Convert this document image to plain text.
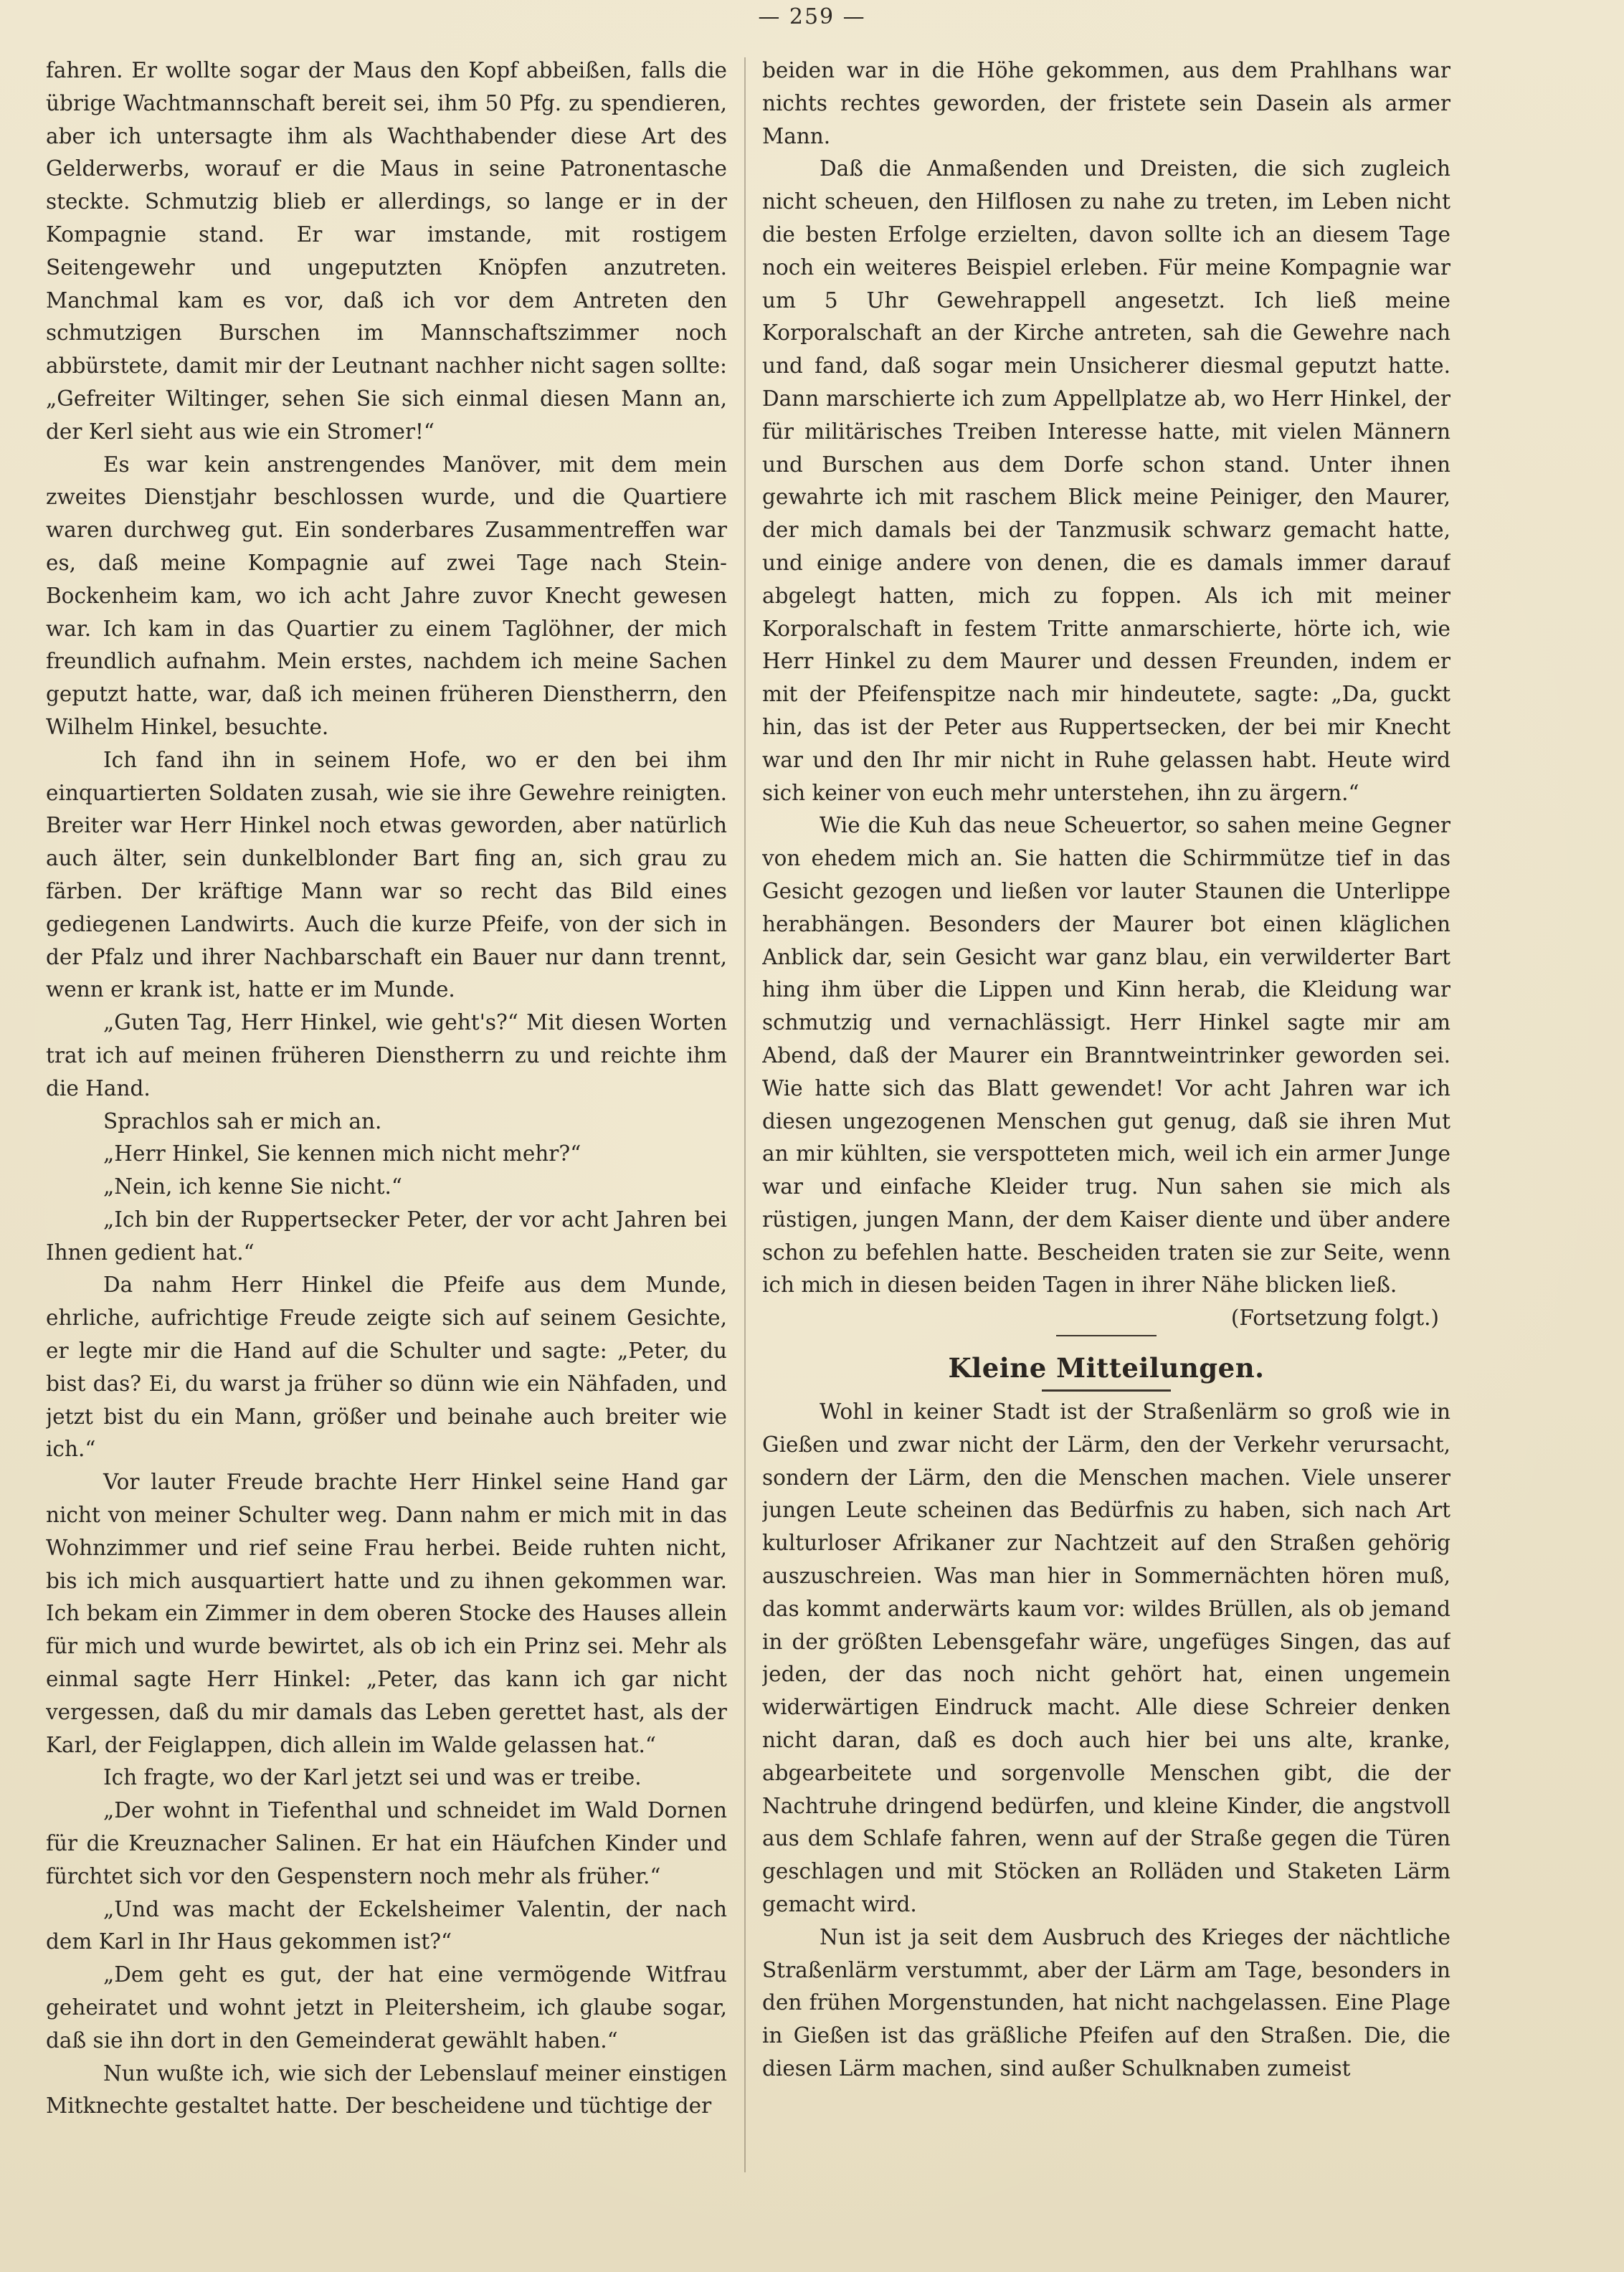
— 259 —

fahren. Er wollte sogar der Maus den Kopf abbeißen, falls die übrige Wachtmannschaft bereit sei, ihm 50 Pfg. zu spendieren, aber ich untersagte ihm als Wachthabender diese Art des Gelderwerbs, worauf er die Maus in seine Patronentasche steckte. Schmutzig blieb er allerdings, so lange er in der Kompagnie stand. Er war imstande, mit rostigem Seitengewehr und ungeputzten Knöpfen anzutreten. Manchmal kam es vor, daß ich vor dem Antreten den schmutzigen Burschen im Mannschaftszimmer noch abbürstete, damit mir der Leutnant nachher nicht sagen sollte: „Gefreiter Wiltinger, sehen Sie sich einmal diesen Mann an, der Kerl sieht aus wie ein Stromer!“

Es war kein anstrengendes Manöver, mit dem mein zweites Dienstjahr beschlossen wurde, und die Quartiere waren durchweg gut. Ein sonderbares Zusammentreffen war es, daß meine Kompagnie auf zwei Tage nach Stein-Bockenheim kam, wo ich acht Jahre zuvor Knecht gewesen war. Ich kam in das Quartier zu einem Taglöhner, der mich freundlich aufnahm. Mein erstes, nachdem ich meine Sachen geputzt hatte, war, daß ich meinen früheren Dienstherrn, den Wilhelm Hinkel, besuchte.

Ich fand ihn in seinem Hofe, wo er den bei ihm einquartierten Soldaten zusah, wie sie ihre Gewehre reinigten. Breiter war Herr Hinkel noch etwas geworden, aber natürlich auch älter, sein dunkelblonder Bart fing an, sich grau zu färben. Der kräftige Mann war so recht das Bild eines gediegenen Landwirts. Auch die kurze Pfeife, von der sich in der Pfalz und ihrer Nachbarschaft ein Bauer nur dann trennt, wenn er krank ist, hatte er im Munde.

„Guten Tag, Herr Hinkel, wie geht's?“ Mit diesen Worten trat ich auf meinen früheren Dienstherrn zu und reichte ihm die Hand.

Sprachlos sah er mich an.

„Herr Hinkel, Sie kennen mich nicht mehr?“

„Nein, ich kenne Sie nicht.“

„Ich bin der Ruppertsecker Peter, der vor acht Jahren bei Ihnen gedient hat.“

Da nahm Herr Hinkel die Pfeife aus dem Munde, ehrliche, aufrichtige Freude zeigte sich auf seinem Gesichte, er legte mir die Hand auf die Schulter und sagte: „Peter, du bist das? Ei, du warst ja früher so dünn wie ein Nähfaden, und jetzt bist du ein Mann, größer und beinahe auch breiter wie ich.“

Vor lauter Freude brachte Herr Hinkel seine Hand gar nicht von meiner Schulter weg. Dann nahm er mich mit in das Wohnzimmer und rief seine Frau herbei. Beide ruhten nicht, bis ich mich ausquartiert hatte und zu ihnen gekommen war. Ich bekam ein Zimmer in dem oberen Stocke des Hauses allein für mich und wurde bewirtet, als ob ich ein Prinz sei. Mehr als einmal sagte Herr Hinkel: „Peter, das kann ich gar nicht vergessen, daß du mir damals das Leben gerettet hast, als der Karl, der Feiglappen, dich allein im Walde gelassen hat.“

Ich fragte, wo der Karl jetzt sei und was er treibe.

„Der wohnt in Tiefenthal und schneidet im Wald Dornen für die Kreuznacher Salinen. Er hat ein Häufchen Kinder und fürchtet sich vor den Gespenstern noch mehr als früher.“

„Und was macht der Eckelsheimer Valentin, der nach dem Karl in Ihr Haus gekommen ist?“

„Dem geht es gut, der hat eine vermögende Witfrau geheiratet und wohnt jetzt in Pleitersheim, ich glaube sogar, daß sie ihn dort in den Gemeinderat gewählt haben.“

Nun wußte ich, wie sich der Lebenslauf meiner einstigen Mitknechte gestaltet hatte. Der bescheidene und tüchtige der

beiden war in die Höhe gekommen, aus dem Prahlhans war nichts rechtes geworden, der fristete sein Dasein als armer Mann.

Daß die Anmaßenden und Dreisten, die sich zugleich nicht scheuen, den Hilflosen zu nahe zu treten, im Leben nicht die besten Erfolge erzielten, davon sollte ich an diesem Tage noch ein weiteres Beispiel erleben. Für meine Kompagnie war um 5 Uhr Gewehrappell angesetzt. Ich ließ meine Korporalschaft an der Kirche antreten, sah die Gewehre nach und fand, daß sogar mein Unsicherer diesmal geputzt hatte. Dann marschierte ich zum Appellplatze ab, wo Herr Hinkel, der für militärisches Treiben Interesse hatte, mit vielen Männern und Burschen aus dem Dorfe schon stand. Unter ihnen gewahrte ich mit raschem Blick meine Peiniger, den Maurer, der mich damals bei der Tanzmusik schwarz gemacht hatte, und einige andere von denen, die es damals immer darauf abgelegt hatten, mich zu foppen. Als ich mit meiner Korporalschaft in festem Tritte anmarschierte, hörte ich, wie Herr Hinkel zu dem Maurer und dessen Freunden, indem er mit der Pfeifenspitze nach mir hindeutete, sagte: „Da, guckt hin, das ist der Peter aus Ruppertsecken, der bei mir Knecht war und den Ihr mir nicht in Ruhe gelassen habt. Heute wird sich keiner von euch mehr unterstehen, ihn zu ärgern.“

Wie die Kuh das neue Scheuertor, so sahen meine Gegner von ehedem mich an. Sie hatten die Schirmmütze tief in das Gesicht gezogen und ließen vor lauter Staunen die Unterlippe herabhängen. Besonders der Maurer bot einen kläglichen Anblick dar, sein Gesicht war ganz blau, ein verwilderter Bart hing ihm über die Lippen und Kinn herab, die Kleidung war schmutzig und vernachlässigt. Herr Hinkel sagte mir am Abend, daß der Maurer ein Branntweintrinker geworden sei. Wie hatte sich das Blatt gewendet! Vor acht Jahren war ich diesen ungezogenen Menschen gut genug, daß sie ihren Mut an mir kühlten, sie verspotteten mich, weil ich ein armer Junge war und einfache Kleider trug. Nun sahen sie mich als rüstigen, jungen Mann, der dem Kaiser diente und über andere schon zu befehlen hatte. Bescheiden traten sie zur Seite, wenn ich mich in diesen beiden Tagen in ihrer Nähe blicken ließ.

(Fortsetzung folgt.)

Kleine Mitteilungen.

Wohl in keiner Stadt ist der Straßenlärm so groß wie in Gießen und zwar nicht der Lärm, den der Verkehr verursacht, sondern der Lärm, den die Menschen machen. Viele unserer jungen Leute scheinen das Bedürfnis zu haben, sich nach Art kulturloser Afrikaner zur Nachtzeit auf den Straßen gehörig auszuschreien. Was man hier in Sommernächten hören muß, das kommt anderwärts kaum vor: wildes Brüllen, als ob jemand in der größten Lebensgefahr wäre, ungefüges Singen, das auf jeden, der das noch nicht gehört hat, einen ungemein widerwärtigen Eindruck macht. Alle diese Schreier denken nicht daran, daß es doch auch hier bei uns alte, kranke, abgearbeitete und sorgenvolle Menschen gibt, die der Nachtruhe dringend bedürfen, und kleine Kinder, die angstvoll aus dem Schlafe fahren, wenn auf der Straße gegen die Türen geschlagen und mit Stöcken an Rolläden und Staketen Lärm gemacht wird.

Nun ist ja seit dem Ausbruch des Krieges der nächtliche Straßenlärm verstummt, aber der Lärm am Tage, besonders in den frühen Morgenstunden, hat nicht nachgelassen. Eine Plage in Gießen ist das gräßliche Pfeifen auf den Straßen. Die, die diesen Lärm machen, sind außer Schulknaben zumeist
